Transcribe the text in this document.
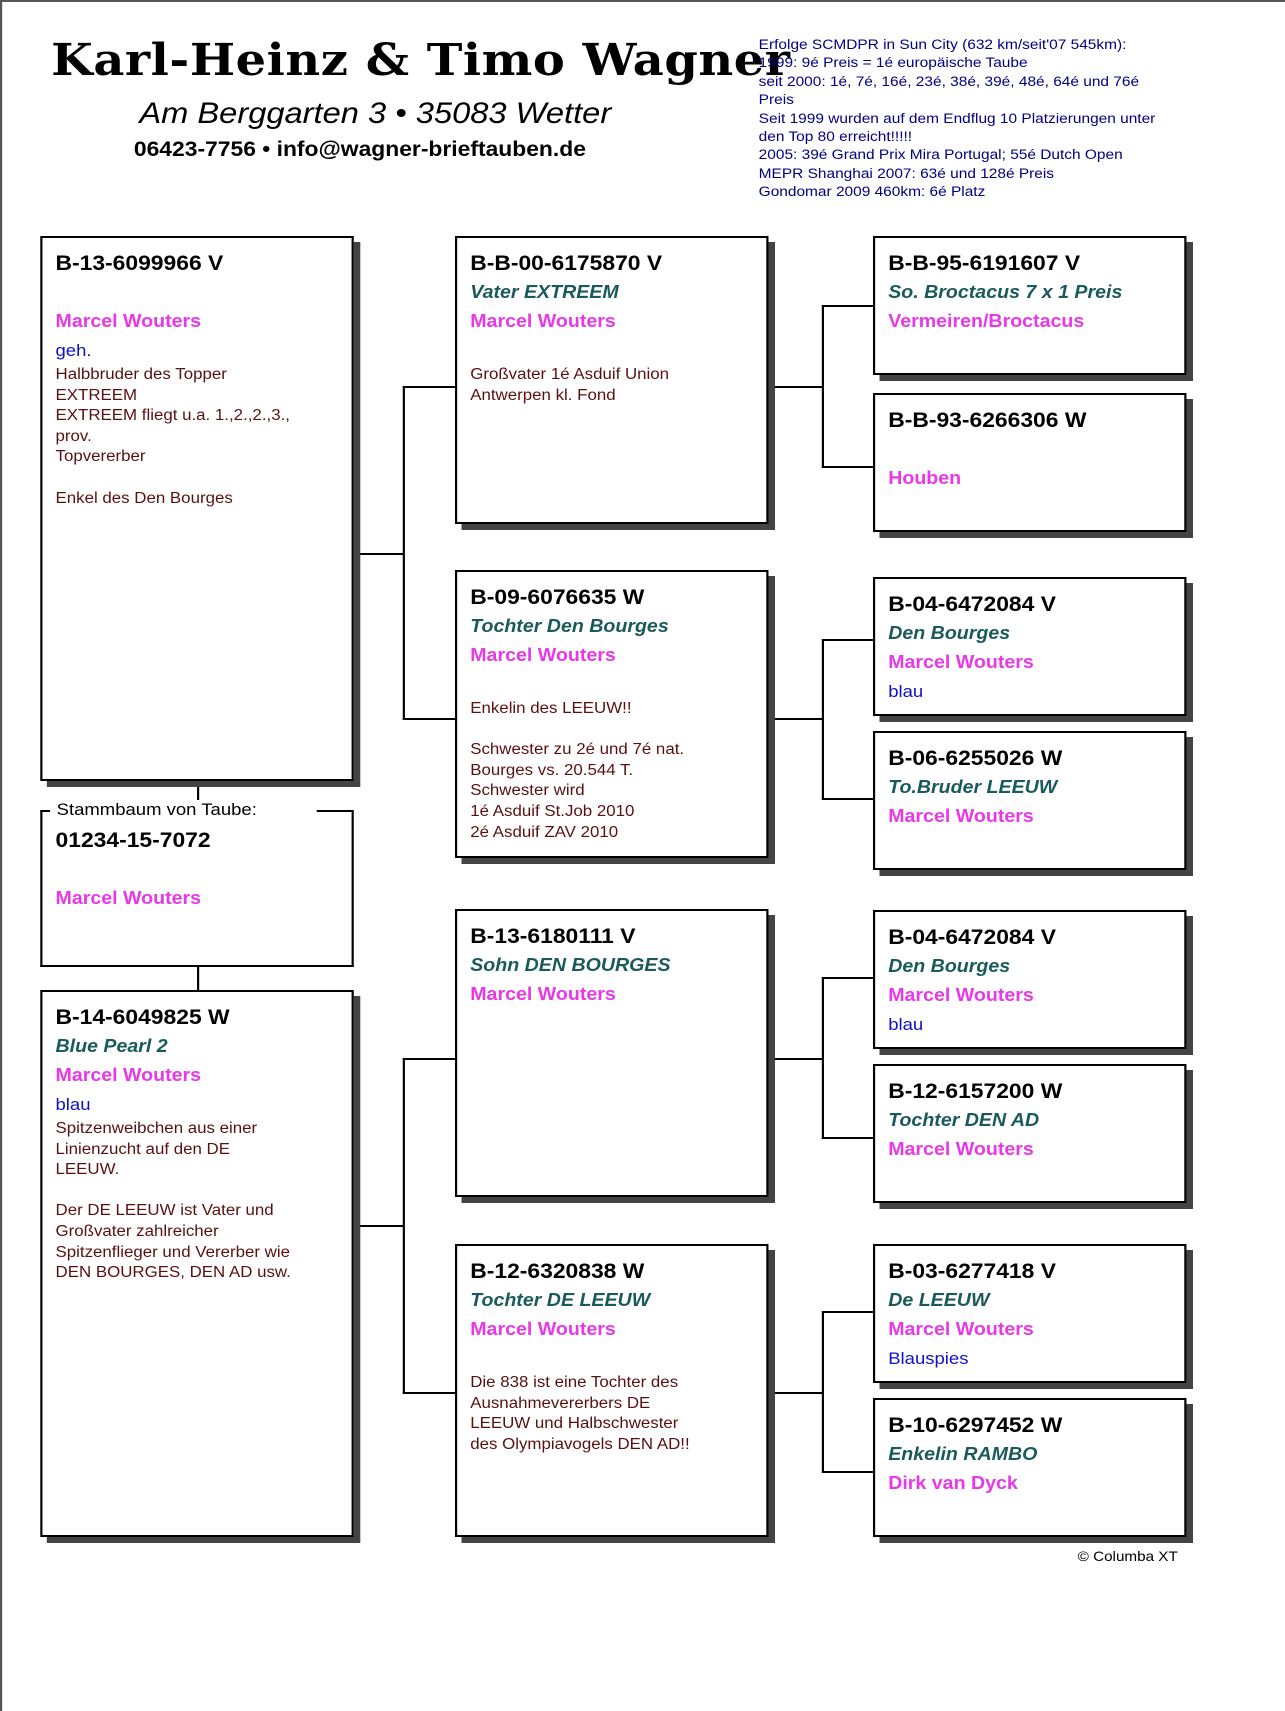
Karl-Heinz & Timo Wagner
Am Berggarten 3 • 35083 Wetter
06423-7756 • info@wagner-brieftauben.de
Erfolge SCMDPR in Sun City (632 km/seit'07 545km):
1999: 9é Preis = 1é europäische Taube
seit 2000: 1é, 7é, 16é, 23é, 38é, 39é, 48é, 64é und 76é
Preis
Seit 1999 wurden auf dem Endflug 10 Platzierungen unter
den Top 80 erreicht!!!!!
2005: 39é Grand Prix Mira Portugal; 55é Dutch Open
MEPR Shanghai 2007: 63é und 128é Preis
Gondomar 2009 460km: 6é Platz
B-13-6099966 V
Marcel Wouters
geh.
Halbbruder des Topper
EXTREEM
EXTREEM fliegt u.a. 1.,2.,2.,3.,
prov.
Topvererber

Enkel des Den Bourges
01234-15-7072
Marcel Wouters
Stammbaum von Taube:
B-14-6049825 W
Blue Pearl 2
Marcel Wouters
blau
Spitzenweibchen aus einer
Linienzucht auf den DE
LEEUW.

Der DE LEEUW ist Vater und
Großvater zahlreicher
Spitzenflieger und Vererber wie
DEN BOURGES, DEN AD usw.
B-B-00-6175870 V
Vater EXTREEM
Marcel Wouters
Großvater 1é Asduif Union
Antwerpen kl. Fond
B-09-6076635 W
Tochter Den Bourges
Marcel Wouters
Enkelin des LEEUW!!

Schwester zu 2é und 7é nat.
Bourges vs. 20.544 T.
Schwester wird
1é Asduif St.Job 2010
2é Asduif ZAV 2010
B-13-6180111 V
Sohn DEN BOURGES
Marcel Wouters
B-12-6320838 W
Tochter DE LEEUW
Marcel Wouters
Die 838 ist eine Tochter des
Ausnahmevererbers DE
LEEUW und Halbschwester
des Olympiavogels DEN AD!!
B-B-95-6191607 V
So. Broctacus 7 x 1 Preis
Vermeiren/Broctacus
B-B-93-6266306 W
Houben
B-04-6472084 V
Den Bourges
Marcel Wouters
blau
B-06-6255026 W
To.Bruder LEEUW
Marcel Wouters
B-04-6472084 V
Den Bourges
Marcel Wouters
blau
B-12-6157200 W
Tochter DEN AD
Marcel Wouters
B-03-6277418 V
De LEEUW
Marcel Wouters
Blauspies
B-10-6297452 W
Enkelin RAMBO
Dirk van Dyck
© Columba XT
